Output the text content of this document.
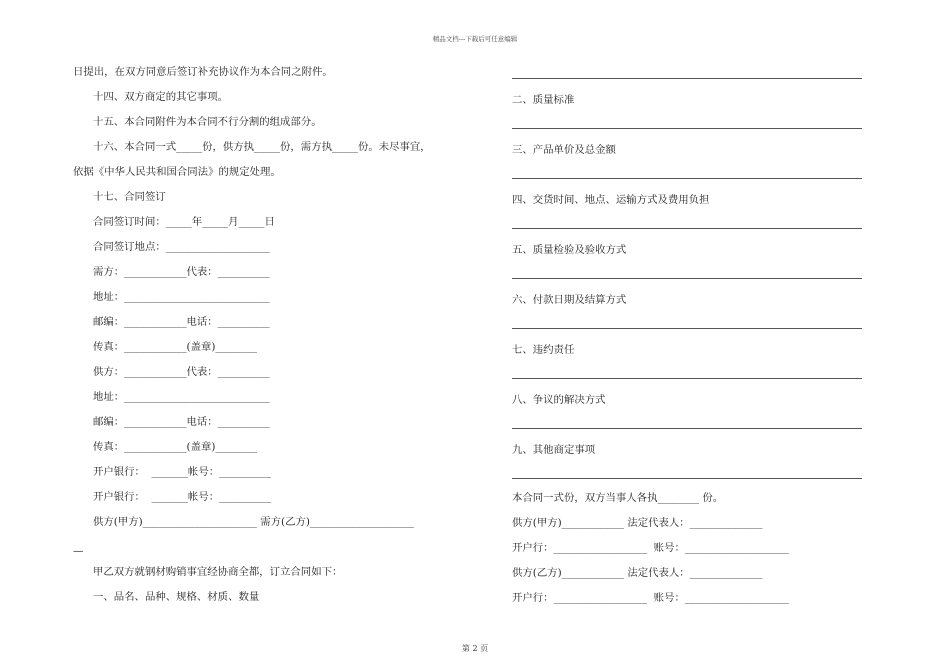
精品文档---下载后可任意编辑
日提出，在双方同意后签订补充协议作为本合同之附件。
十四、双方商定的其它事项。
十五、本合同附件为本合同不行分割的组成部分。
十六、本合同一式_____份，供方执_____份，需方执_____份。未尽事宜，
依据《中华人民共和国合同法》的规定处理。
十七、合同签订
合同签订时间：_____年_____月_____日
合同签订地点：____________________
需方：____________代表：__________
地址：____________________________
邮编：____________电话：__________
传真：____________(盖章)________
供方：____________代表：__________
地址：____________________________
邮编：____________电话：__________
传真：____________(盖章)________
开户银行：  _______帐号：__________
开户银行：  _______帐号：__________
供方(甲方)______________________ 需方(乙方)____________________
—
甲乙双方就钢材购销事宜经协商全都，订立合同如下：
一、品名、品种、规格、材质、数量
二、质量标准
三、产品单价及总金额
四、交货时间、地点、运输方式及费用负担
五、质量检验及验收方式
六、付款日期及结算方式
七、违约责任
八、争议的解决方式
九、其他商定事项
本合同一式份，双方当事人各执________ 份。
供方(甲方)____________ 法定代表人：______________
开户行：__________________  账号：____________________
供方(乙方)____________ 法定代表人：______________
开户行：__________________  账号：____________________
第 2 页
